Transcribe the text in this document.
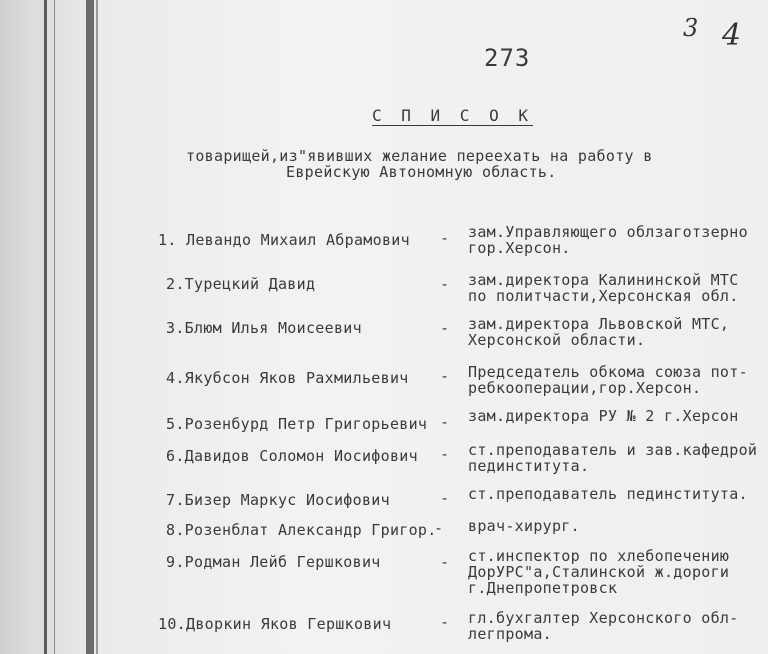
3 4
273
С П И С О К
товарищей,из"явивших желание переехать на работу в
Еврейскую Автономную область.
1. Левандо Михаил Абрамович - зам.Управляющего облзаготзерно
гор.Херсон.
2.Турецкий Давид	- зам.директора Калининской МТС
по политчасти,Херсонская обл.
3.Блюм Илья Моисеевич	- зам.директора Львовской МТС,
Херсонской области.
4.Якубсон Яков Рахмильевич - Председатель обкома союза пот-
ребкооперации,гор.Херсон.
5.Розенбурд Петр Григорьевич - зам.директора РУ № 2 г.Херсон
6.Давидов Соломон Иосифович - ст.преподаватель и зав.кафедрой
пединститута.
7.Бизер Маркус Иосифович	- ст.преподаватель пединститута.
8.Розенблат Александр Григор.
- врач-хирург.
9.Родман Лейб Гершкович	- ст.инспектор по хлебопечению
ДорУРС"а,Сталинской ж.дороги
г.Днепропетровск
10.Дворкин Яков Гершкович	- гл.бухгалтер Херсонского обл-
легпрома.
